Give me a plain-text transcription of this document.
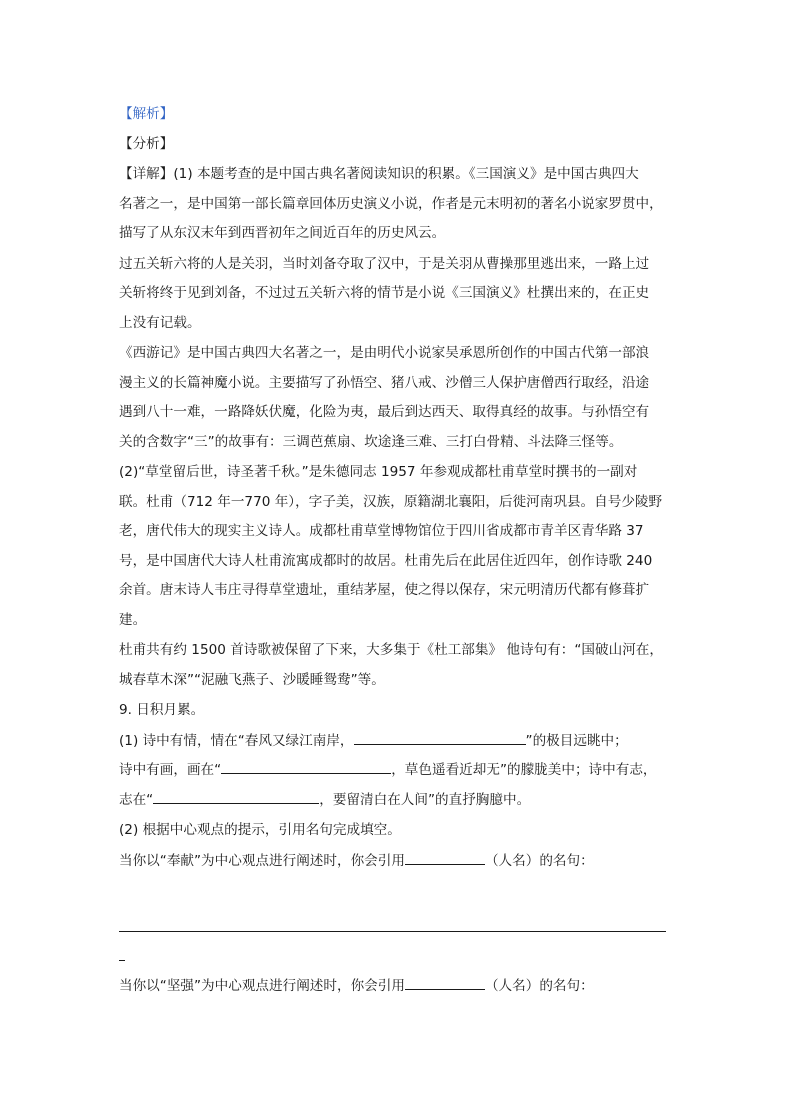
【解析】

【分析】

【详解】(1) 本题考查的是中国古典名著阅读知识的积累。《三国演义》是中国古典四大

名著之一，是中国第一部长篇章回体历史演义小说，作者是元末明初的著名小说家罗贯中，

描写了从东汉末年到西晋初年之间近百年的历史风云。

过五关斩六将的人是关羽，当时刘备夺取了汉中，于是关羽从曹操那里逃出来，一路上过

关斩将终于见到刘备，不过过五关斩六将的情节是小说《三国演义》杜撰出来的，在正史

上没有记载。

《西游记》是中国古典四大名著之一，是由明代小说家吴承恩所创作的中国古代第一部浪

漫主义的长篇神魔小说。主要描写了孙悟空、猪八戒、沙僧三人保护唐僧西行取经，沿途

遇到八十一难，一路降妖伏魔，化险为夷，最后到达西天、取得真经的故事。与孙悟空有

关的含数字“三”的故事有：三调芭蕉扇、坎途逢三难、三打白骨精、斗法降三怪等。

(2)“草堂留后世，诗圣著千秋。”是朱德同志 1957 年参观成都杜甫草堂时撰书的一副对

联。杜甫（712 年一770 年），字子美，汉族，原籍湖北襄阳，后徙河南巩县。自号少陵野

老，唐代伟大的现实主义诗人。成都杜甫草堂博物馆位于四川省成都市青羊区青华路 37

号，是中国唐代大诗人杜甫流寓成都时的故居。杜甫先后在此居住近四年，创作诗歌 240

余首。唐末诗人韦庄寻得草堂遗址，重结茅屋，使之得以保存，宋元明清历代都有修葺扩

建。

杜甫共有约 1500 首诗歌被保留了下来，大多集于《杜工部集》 他诗句有：“国破山河在，

城春草木深”“泥融飞燕子、沙暖睡鸳鸯”等。

9. 日积月累。

(1) 诗中有情，情在“春风又绿江南岸，	”的极目远眺中；

诗中有画，画在“	，草色遥看近却无”的朦胧美中；诗中有志，

志在“	，要留清白在人间”的直抒胸臆中。

(2) 根据中心观点的提示，引用名句完成填空。

当你以“奉献”为中心观点进行阐述时，你会引用	（人名）的名句：

当你以“坚强”为中心观点进行阐述时，你会引用	（人名）的名句：
